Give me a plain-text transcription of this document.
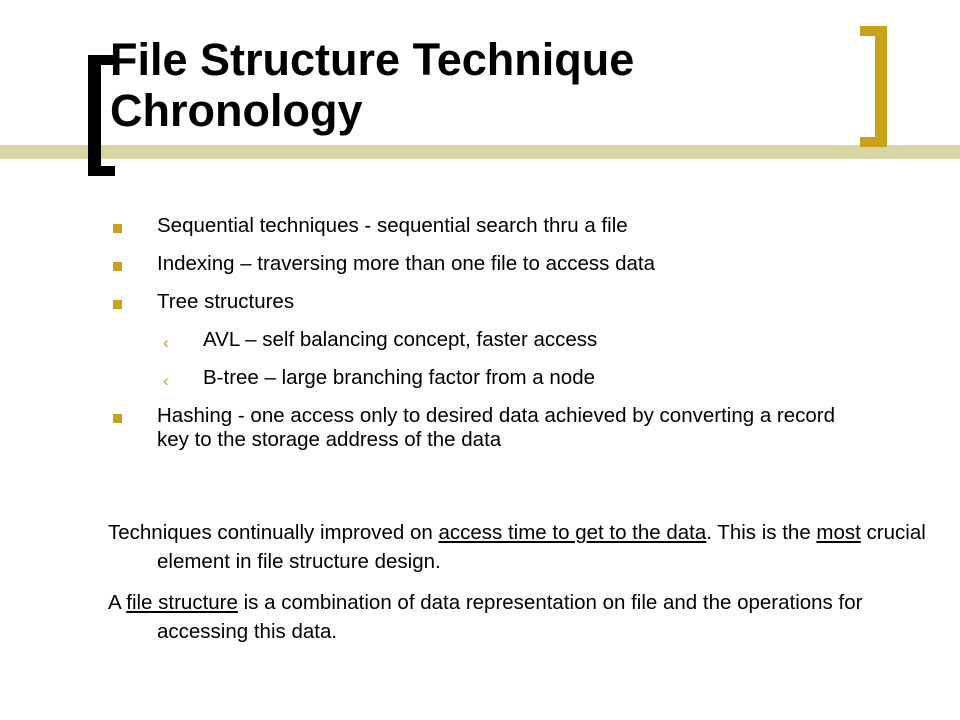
File Structure Technique Chronology
Sequential techniques - sequential search thru a file
Indexing – traversing more than one file to access data
Tree structures
‹ AVL – self balancing concept, faster access
‹ B-tree – large branching factor from a node
Hashing - one access only to desired data achieved by converting a record key to the storage address of the data

Techniques continually improved on access time to get to the data. This is the most crucial element in file structure design.

A file structure is a combination of data representation on file and the operations for accessing this data.
